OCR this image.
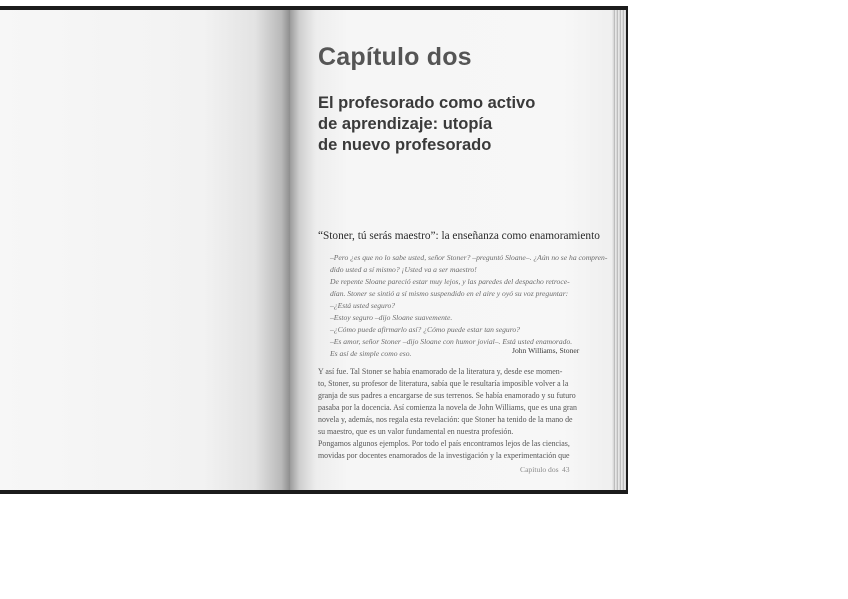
Capítulo dos
El profesorado como activo
de aprendizaje: utopía
de nuevo profesorado
“Stoner, tú serás maestro”: la enseñanza como enamoramiento
–Pero ¿es que no lo sabe usted, señor Stoner? –preguntó Sloane–. ¿Aún no se ha compren-
dido usted a sí mismo? ¡Usted va a ser maestro!
De repente Sloane pareció estar muy lejos, y las paredes del despacho retroce-
dían. Stoner se sintió a sí mismo suspendido en el aire y oyó su voz preguntar:
–¿Está usted seguro?
–Estoy seguro –dijo Sloane suavemente.
–¿Cómo puede afirmarlo así? ¿Cómo puede estar tan seguro?
–Es amor, señor Stoner –dijo Sloane con humor jovial–. Está usted enamorado.
Es así de simple como eso.	John Williams, Stoner
Y así fue. Tal Stoner se había enamorado de la literatura y, desde ese momen-
to, Stoner, su profesor de literatura, sabía que le resultaría imposible volver a la
granja de sus padres a encargarse de sus terrenos. Se había enamorado y su futuro
pasaba por la docencia. Así comienza la novela de John Williams, que es una gran
novela y, además, nos regala esta revelación: que Stoner ha tenido de la mano de
su maestro, que es un valor fundamental en nuestra profesión.
Pongamos algunos ejemplos. Por todo el país encontramos lejos de las ciencias,
movidas por docentes enamorados de la investigación y la experimentación que
Capítulo dos 43
